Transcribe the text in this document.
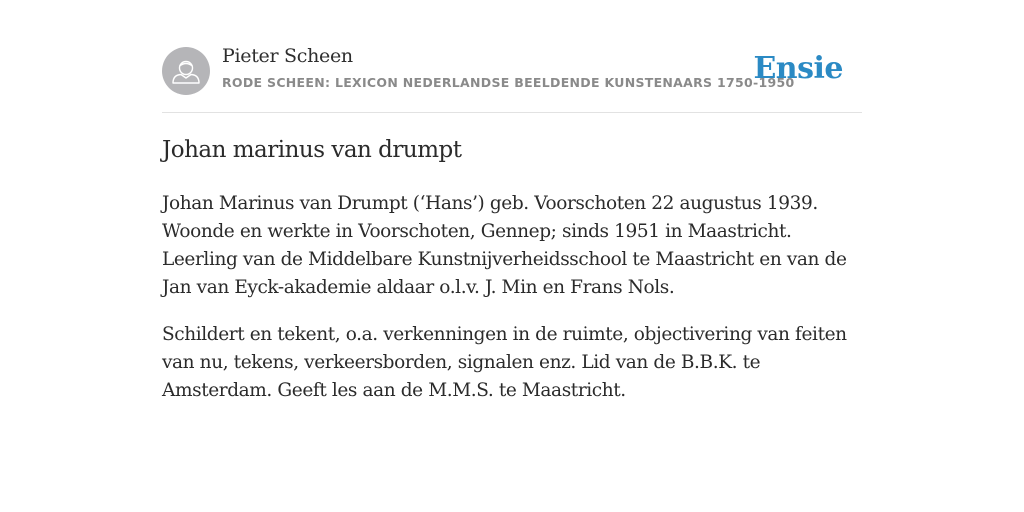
Pieter Scheen
RODE SCHEEN: LEXICON NEDERLANDSE BEELDENDE KUNSTENAARS 1750-1950
Ensie
Johan marinus van drumpt

Johan Marinus van Drumpt (‘Hans’) geb. Voorschoten 22 augustus 1939. Woonde en werkte in Voorschoten, Gennep; sinds 1951 in Maastricht. Leerling van de Middelbare Kunstnijverheidsschool te Maastricht en van de Jan van Eyck-akademie aldaar o.l.v. J. Min en Frans Nols.

Schildert en tekent, o.a. verkenningen in de ruimte, objectivering van feiten van nu, tekens, verkeersborden, signalen enz. Lid van de B.B.K. te Amsterdam. Geeft les aan de M.M.S. te Maastricht.
